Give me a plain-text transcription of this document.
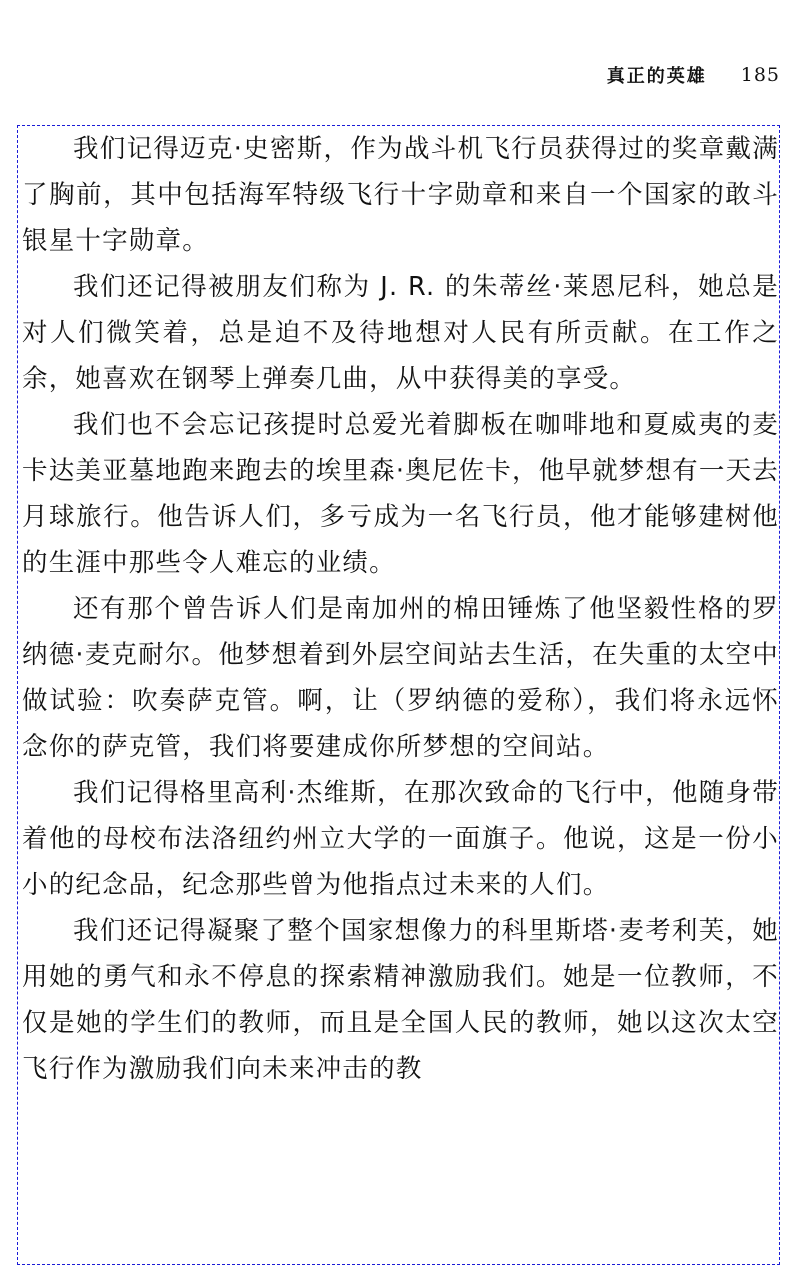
真正的英雄 185

我们记得迈克·史密斯，作为战斗机飞行员获得过的奖章戴满了胸前，其中包括海军特级飞行十字勋章和来自一个国家的敢斗银星十字勋章。

我们还记得被朋友们称为 J. R. 的朱蒂丝·莱恩尼科，她总是对人们微笑着，总是迫不及待地想对人民有所贡献。在工作之余，她喜欢在钢琴上弹奏几曲，从中获得美的享受。

我们也不会忘记孩提时总爱光着脚板在咖啡地和夏威夷的麦卡达美亚墓地跑来跑去的埃里森·奥尼佐卡，他早就梦想有一天去月球旅行。他告诉人们，多亏成为一名飞行员，他才能够建树他的生涯中那些令人难忘的业绩。

还有那个曾告诉人们是南加州的棉田锤炼了他坚毅性格的罗纳德·麦克耐尔。他梦想着到外层空间站去生活，在失重的太空中做试验：吹奏萨克管。啊，让（罗纳德的爱称），我们将永远怀念你的萨克管，我们将要建成你所梦想的空间站。

我们记得格里高利·杰维斯，在那次致命的飞行中，他随身带着他的母校布法洛纽约州立大学的一面旗子。他说，这是一份小小的纪念品，纪念那些曾为他指点过未来的人们。

我们还记得凝聚了整个国家想像力的科里斯塔·麦考利芙，她用她的勇气和永不停息的探索精神激励我们。她是一位教师，不仅是她的学生们的教师，而且是全国人民的教师，她以这次太空飞行作为激励我们向未来冲击的教
